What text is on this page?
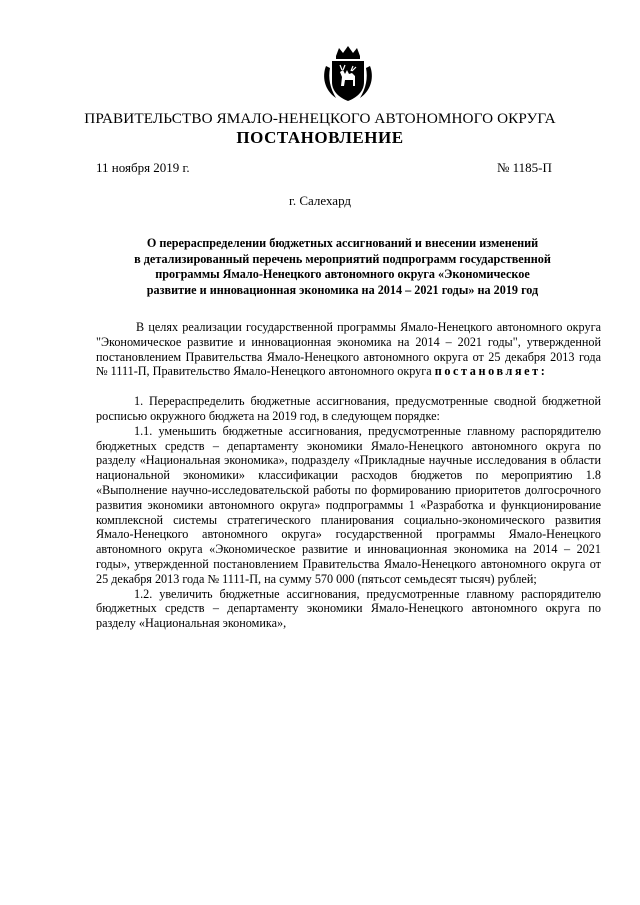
ПРАВИТЕЛЬСТВО ЯМАЛО-НЕНЕЦКОГО АВТОНОМНОГО ОКРУГА
ПОСТАНОВЛЕНИЕ
11 ноября 2019 г.	№ 1185-П
г. Салехард
О перераспределении бюджетных ассигнований и внесении изменений
в детализированный перечень мероприятий подпрограмм государственной
программы Ямало-Ненецкого автономного округа «Экономическое
развитие и инновационная экономика на 2014 – 2021 годы» на 2019 год

В целях реализации государственной программы Ямало-Ненецкого автономного округа "Экономическое развитие и инновационная экономика на 2014 – 2021 годы", утвержденной постановлением Правительства Ямало-Ненецкого автономного округа от 25 декабря 2013 года № 1111-П, Правительство Ямало-Ненецкого автономного округа постановляет:

1. Перераспределить бюджетные ассигнования, предусмотренные сводной бюджетной росписью окружного бюджета на 2019 год, в следующем порядке:

1.1. уменьшить бюджетные ассигнования, предусмотренные главному распорядителю бюджетных средств – департаменту экономики Ямало-Ненецкого автономного округа по разделу «Национальная экономика», подразделу «Прикладные научные исследования в области национальной экономики» классификации расходов бюджетов по мероприятию 1.8 «Выполнение научно-исследовательской работы по формированию приоритетов долгосрочного развития экономики автономного округа» подпрограммы 1 «Разработка и функционирование комплексной системы стратегического планирования социально-экономического развития Ямало-Ненецкого автономного округа» государственной программы Ямало-Ненецкого автономного округа «Экономическое развитие и инновационная экономика на 2014 – 2021 годы», утвержденной постановлением Правительства Ямало-Ненецкого автономного округа от 25 декабря 2013 года № 1111-П, на сумму 570 000 (пятьсот семьдесят тысяч) рублей;

1.2. увеличить бюджетные ассигнования, предусмотренные главному распорядителю бюджетных средств – департаменту экономики Ямало-Ненецкого автономного округа по разделу «Национальная экономика»,
